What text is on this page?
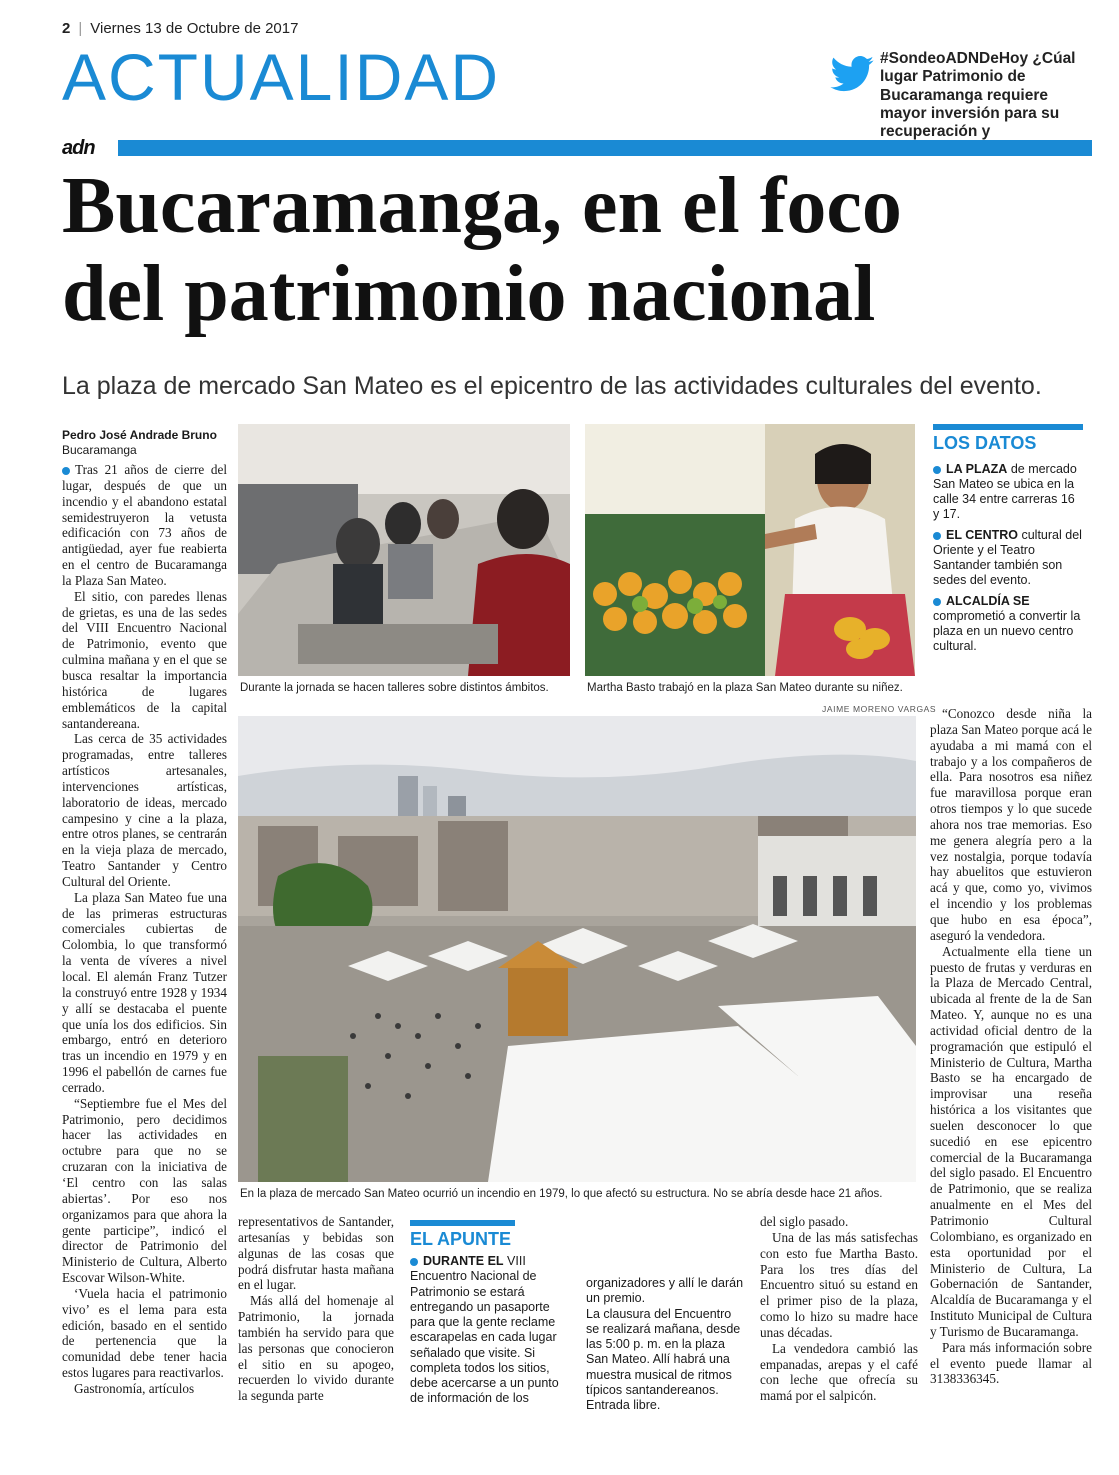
2 | Viernes 13 de Octubre de 2017
ACTUALIDAD	#SondeoADNDeHoy ¿Cúal lugar Patrimonio de Bucaramanga requiere mayor inversión para su recuperación y
adn
Bucaramanga, en el foco
del patrimonio nacional
La plaza de mercado San Mateo es el epicentro de las actividades culturales del evento.
Pedro José Andrade Bruno
Bucaramanga

Tras 21 años de cierre del lugar, después de que un incendio y el abandono estatal semidestruyeron la vetusta edificación con 73 años de antigüedad, ayer fue reabierta en el centro de Bucaramanga la Plaza San Mateo.

El sitio, con paredes llenas de grietas, es una de las sedes del VIII Encuentro Nacional de Patrimonio, evento que culmina mañana y en el que se busca resaltar la importancia histórica de lugares emblemáticos de la capital santandereana.

Las cerca de 35 actividades programadas, entre talleres artísticos artesanales, intervenciones artísticas, laboratorio de ideas, mercado campesino y cine a la plaza, entre otros planes, se centrarán en la vieja plaza de mercado, Teatro Santander y Centro Cultural del Oriente.

La plaza San Mateo fue una de las primeras estructuras comerciales cubiertas de Colombia, lo que transformó la venta de víveres a nivel local. El alemán Franz Tutzer la construyó entre 1928 y 1934 y allí se destacaba el puente que unía los dos edificios. Sin embargo, entró en deterioro tras un incendio en 1979 y en 1996 el pabellón de carnes fue cerrado.

“Septiembre fue el Mes del Patrimonio, pero decidimos hacer las actividades en octubre para que no se cruzaran con la iniciativa de ‘El centro con las salas abiertas’. Por eso nos organizamos para que ahora la gente participe”, indicó el director de Patrimonio del Ministerio de Cultura, Alberto Escovar Wilson-White.

‘Vuela hacia el patrimonio vivo’ es el lema para esta edición, basado en el sentido de pertenencia que la comunidad debe tener hacia estos lugares para reactivarlos.

Gastronomía, artículos

Durante la jornada se hacen talleres sobre distintos ámbitos.	Martha Basto trabajó en la plaza San Mateo durante su niñez.
LOS DATOS

LA PLAZA de mercado San Mateo se ubica en la calle 34 entre carreras 16 y 17.

EL CENTRO cultural del Oriente y el Teatro Santander también son sedes del evento.

ALCALDÍA SE comprometió a convertir la plaza en un nuevo centro cultural.

JAIME MORENO VARGAS
En la plaza de mercado San Mateo ocurrió un incendio en 1979, lo que afectó su estructura. No se abría desde hace 21 años.

representativos de Santander, artesanías y bebidas son algunas de las cosas que podrá disfrutar hasta mañana en el lugar.

Más allá del homenaje al Patrimonio, la jornada también ha servido para que las personas que conocieron el sitio en su apogeo, recuerden lo vivido durante la segunda parte

EL APUNTE
DURANTE EL VIII Encuentro Nacional de Patrimonio se estará entregando un pasaporte para que la gente reclame escarapelas en cada lugar señalado que visite. Si completa todos los sitios, debe acercarse a un punto de información de los
organizadores y allí le darán un premio.
La clausura del Encuentro se realizará mañana, desde las 5:00 p. m. en la plaza San Mateo. Allí habrá una muestra musical de ritmos típicos santandereanos. Entrada libre.

del siglo pasado.

Una de las más satisfechas con esto fue Martha Basto. Para los tres días del Encuentro situó su estand en el primer piso de la plaza, como lo hizo su madre hace unas décadas.

La vendedora cambió las empanadas, arepas y el café con leche que ofrecía su mamá por el salpicón.

“Conozco desde niña la plaza San Mateo porque acá le ayudaba a mi mamá con el trabajo y a los compañeros de ella. Para nosotros esa niñez fue maravillosa porque eran otros tiempos y lo que sucede ahora nos trae memorias. Eso me genera alegría pero a la vez nostalgia, porque todavía hay abuelitos que estuvieron acá y que, como yo, vivimos el incendio y los problemas que hubo en esa época”, aseguró la vendedora.

Actualmente ella tiene un puesto de frutas y verduras en la Plaza de Mercado Central, ubicada al frente de la de San Mateo. Y, aunque no es una actividad oficial dentro de la programación que estipuló el Ministerio de Cultura, Martha Basto se ha encargado de improvisar una reseña histórica a los visitantes que suelen desconocer lo que sucedió en ese epicentro comercial de la Bucaramanga del siglo pasado. El Encuentro de Patrimonio, que se realiza anualmente en el Mes del Patrimonio Cultural Colombiano, es organizado en esta oportunidad por el Ministerio de Cultura, La Gobernación de Santander, Alcaldía de Bucaramanga y el Instituto Municipal de Cultura y Turismo de Bucaramanga.

Para más información sobre el evento puede llamar al 3138336345.
